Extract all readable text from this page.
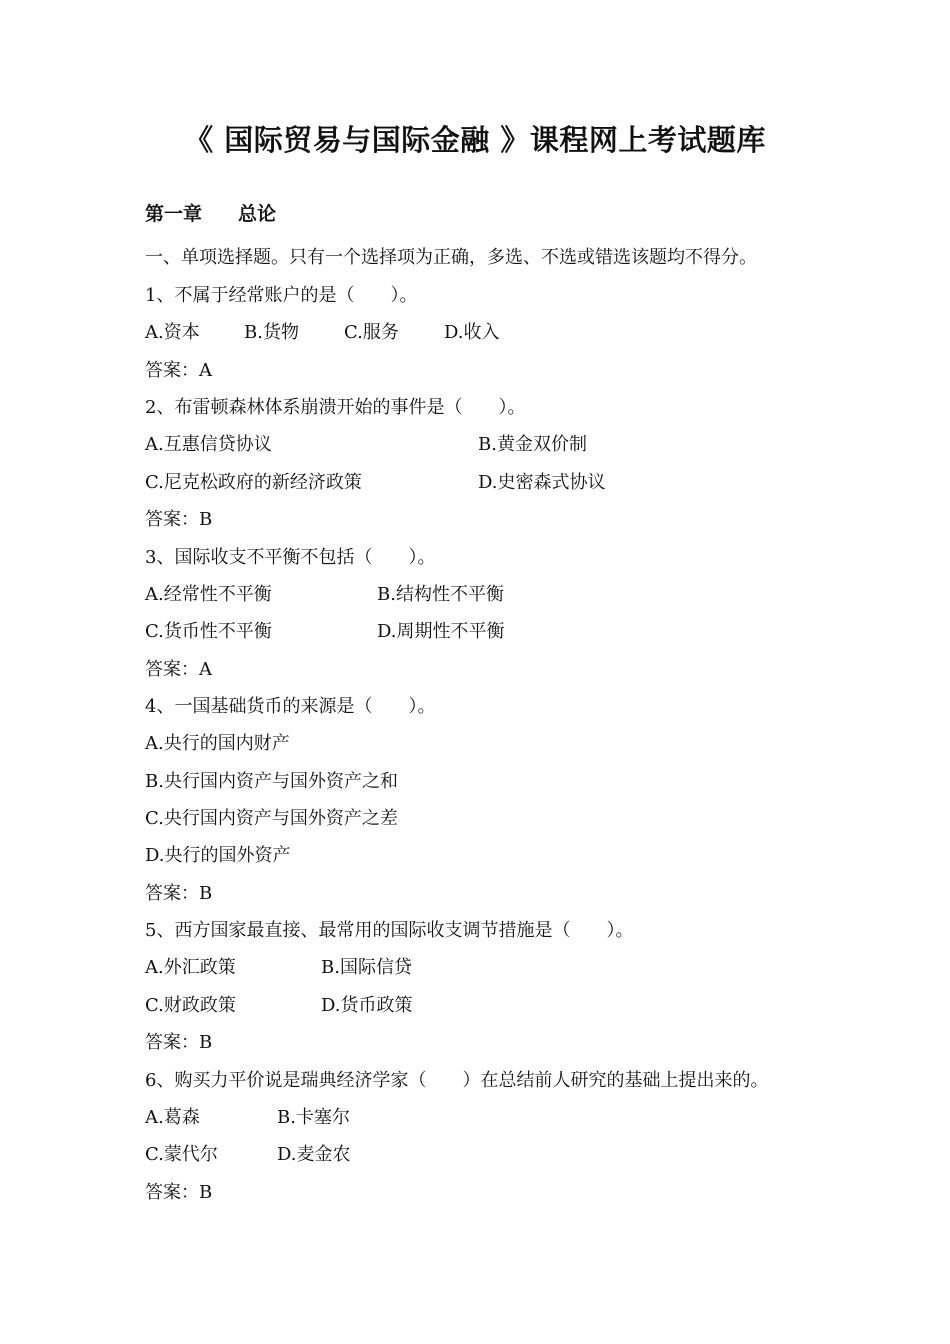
《 国际贸易与国际金融 》课程网上考试题库
第一章 总论
一、单项选择题。只有一个选择项为正确，多选、不选或错选该题均不得分。
1、不属于经常账户的是（　　）。
A.资本 B.货物	C.服务	D.收入
答案：A
2、布雷顿森林体系崩溃开始的事件是（　　）。
A.互惠信贷协议	B.黄金双价制
C.尼克松政府的新经济政策	D.史密森式协议
答案：B
3、国际收支不平衡不包括（　　）。
A.经常性不平衡	B.结构性不平衡
C.货币性不平衡	D.周期性不平衡
答案：A
4、一国基础货币的来源是（　　）。
A.央行的国内财产
B.央行国内资产与国外资产之和
C.央行国内资产与国外资产之差
D.央行的国外资产
答案：B
5、西方国家最直接、最常用的国际收支调节措施是（　　）。
A.外汇政策	B.国际信贷
C.财政政策	D.货币政策
答案：B
6、购买力平价说是瑞典经济学家（　　）在总结前人研究的基础上提出来的。
A.葛森	B.卡塞尔
C.蒙代尔	D.麦金农
答案：B
